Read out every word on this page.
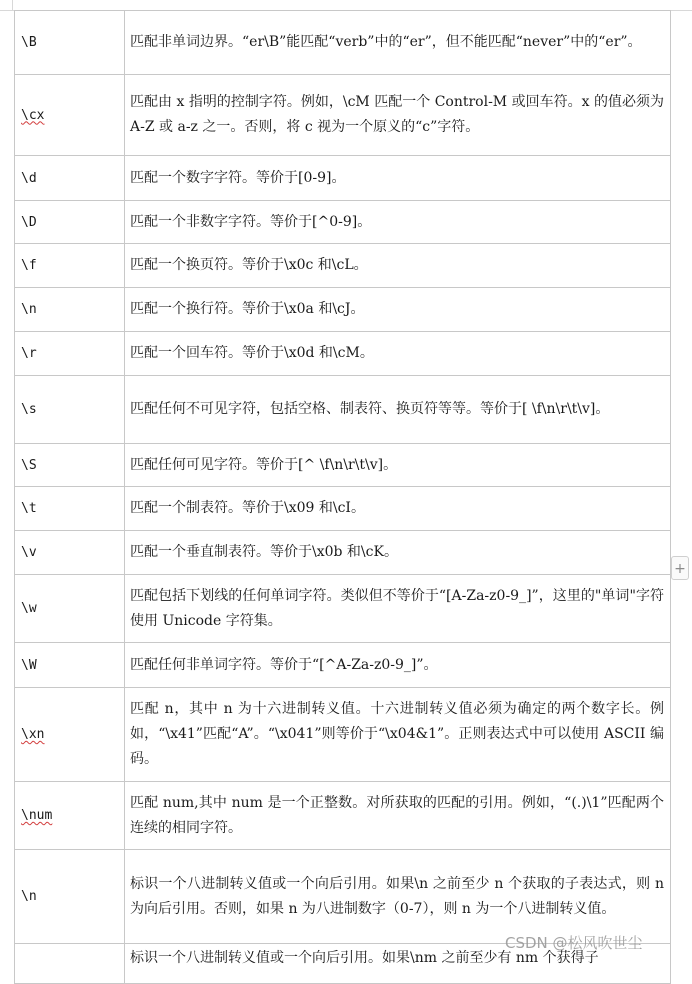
\B	匹配非单词边界。“er\B”能匹配“verb”中的“er”，但不能匹配“never”中的“er”。
\cx	匹配由 x 指明的控制字符。例如，\cM 匹配一个 Control-M 或回车符。x 的值必须为 A-Z 或 a-z 之一。否则，将 c 视为一个原义的“c”字符。
\d	匹配一个数字字符。等价于[0-9]。
\D	匹配一个非数字字符。等价于[^0-9]。
\f	匹配一个换页符。等价于\x0c 和\cL。
\n	匹配一个换行符。等价于\x0a 和\cJ。
\r	匹配一个回车符。等价于\x0d 和\cM。
\s	匹配任何不可见字符，包括空格、制表符、换页符等等。等价于[ \f\n\r\t\v]。
\S	匹配任何可见字符。等价于[^ \f\n\r\t\v]。
\t	匹配一个制表符。等价于\x09 和\cI。
\v	匹配一个垂直制表符。等价于\x0b 和\cK。
\w	匹配包括下划线的任何单词字符。类似但不等价于“[A-Za-z0-9_]”，这里的"单词"字符使用 Unicode 字符集。
\W	匹配任何非单词字符。等价于“[^A-Za-z0-9_]”。
\xn	匹配 n，其中 n 为十六进制转义值。十六进制转义值必须为确定的两个数字长。例如，“\x41”匹配“A”。“\x041”则等价于“\x04&1”。正则表达式中可以使用 ASCII 编码。
\num	匹配 num,其中 num 是一个正整数。对所获取的匹配的引用。例如，“(.)\1”匹配两个连续的相同字符。
\n	标识一个八进制转义值或一个向后引用。如果\n 之前至少 n 个获取的子表达式，则 n 为向后引用。否则，如果 n 为八进制数字（0-7），则 n 为一个八进制转义值。
	标识一个八进制转义值或一个向后引用。如果\nm 之前至少有 nm 个获得子
+
CSDN @松风吹世尘
